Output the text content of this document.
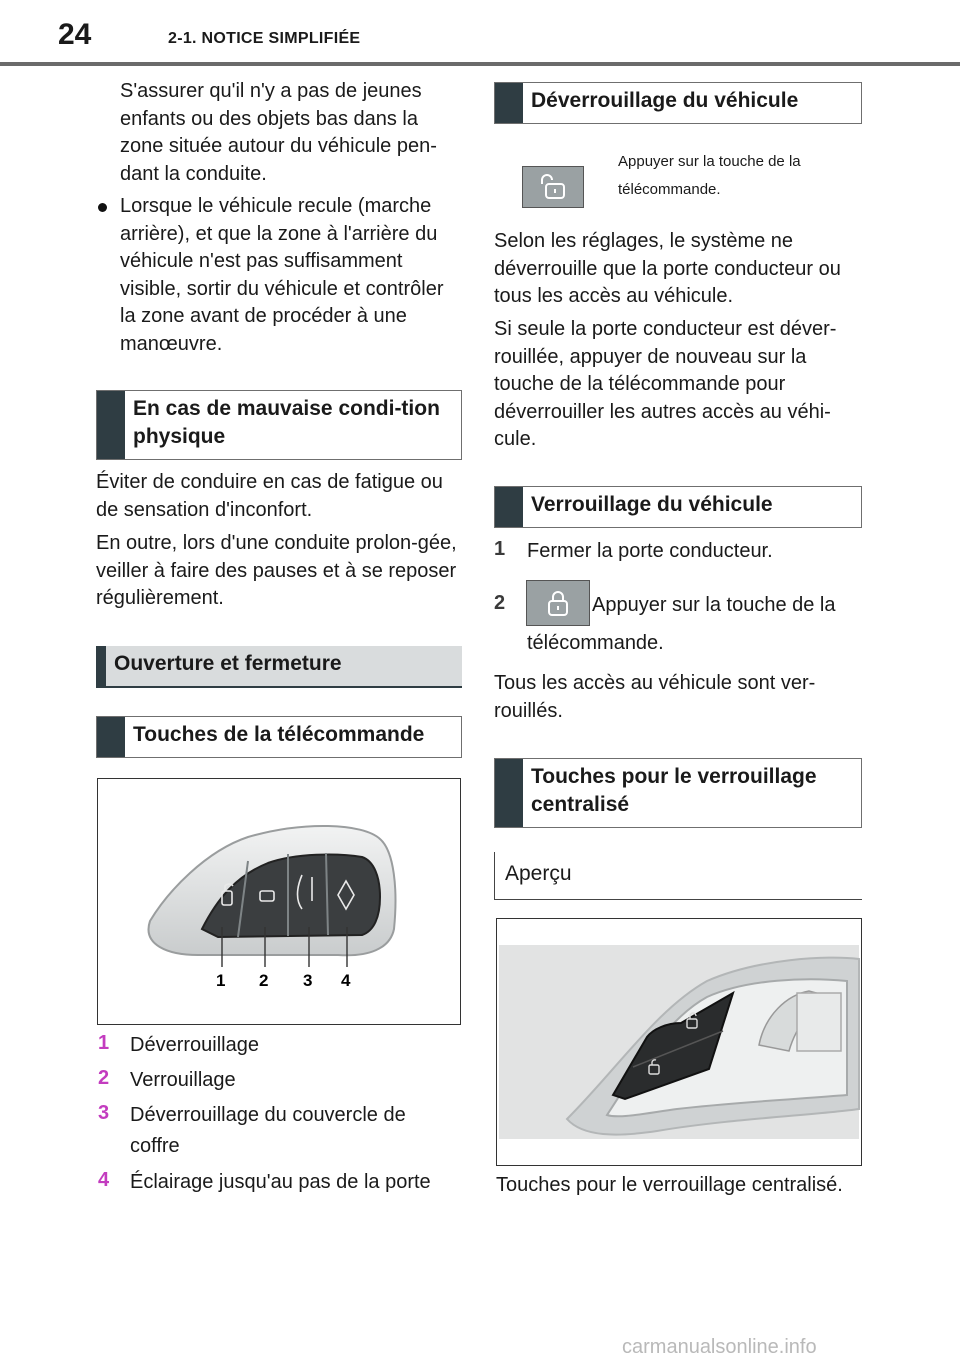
24	2-1. NOTICE SIMPLIFIÉE

S'assurer qu'il n'y a pas de jeunes enfants ou des objets bas dans la zone située autour du véhicule pen-dant la conduite.

Lorsque le véhicule recule (marche arrière), et que la zone à l'arrière du véhicule n'est pas suffisamment visible, sortir du véhicule et contrôler la zone avant de procéder à une manœuvre.

En cas de mauvaise condi-tion physique

Éviter de conduire en cas de fatigue ou de sensation d'inconfort.

En outre, lors d'une conduite prolon-gée, veiller à faire des pauses et à se reposer régulièrement.

Ouverture et fermeture
Touches de la télécommande
1 2 3 4
1 Déverrouillage
2 Verrouillage
3 Déverrouillage du couvercle de coffre
4 Éclairage jusqu'au pas de la porte
Déverrouillage du véhicule
Appuyer sur la touche de la télécommande.

Selon les réglages, le système ne déverrouille que la porte conducteur ou tous les accès au véhicule.

Si seule la porte conducteur est déver-rouillée, appuyer de nouveau sur la touche de la télécommande pour déverrouiller les autres accès au véhi-cule.

Verrouillage du véhicule
1 Fermer la porte conducteur.
2	Appuyer sur la touche de la
télécommande.

Tous les accès au véhicule sont ver-rouillés.

Touches pour le verrouillage centralisé
Aperçu

Touches pour le verrouillage centralisé.

carmanualsonline.info
